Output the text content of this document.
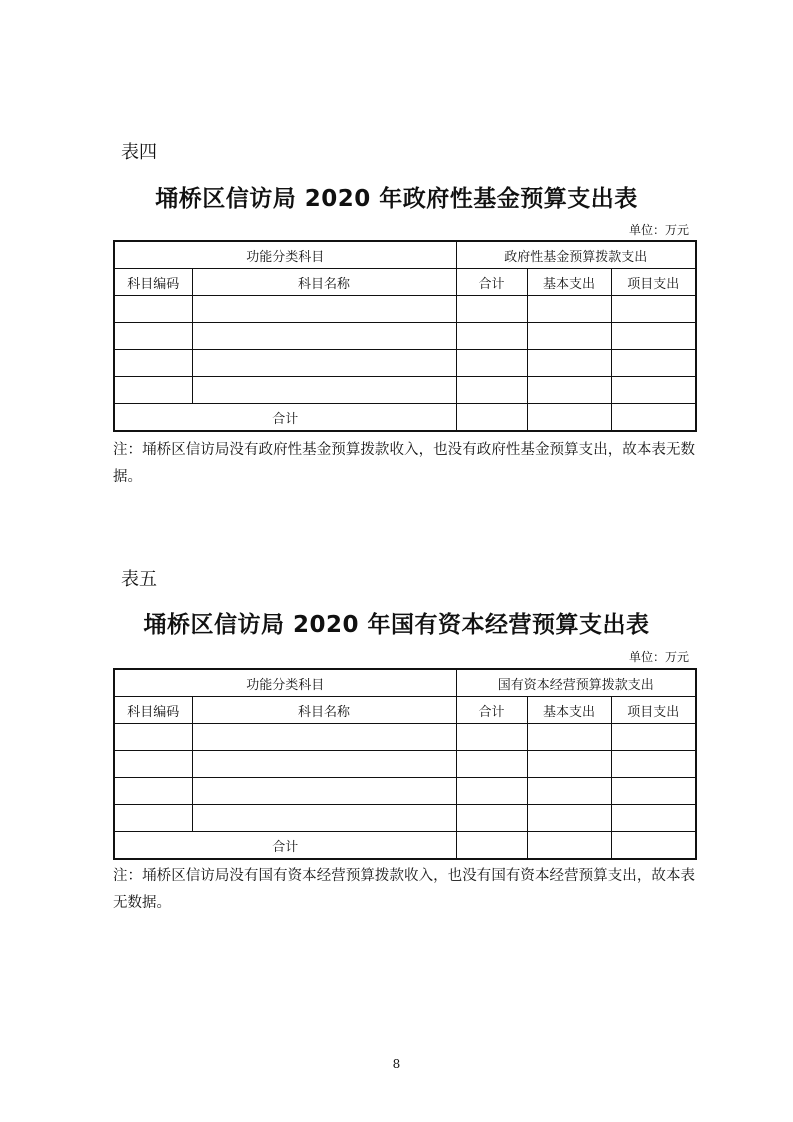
表四
埇桥区信访局 2020 年政府性基金预算支出表
单位：万元
功能分类科目		政府性基金预算拨款支出		
科目编码	科目名称	合计	基本支出	项目支出

合计				
注：埇桥区信访局没有政府性基金预算拨款收入，也没有政府性基金预算支出，故本表无数据。
表五
埇桥区信访局 2020 年国有资本经营预算支出表
单位：万元
功能分类科目		国有资本经营预算拨款支出		
科目编码	科目名称	合计	基本支出	项目支出

合计				
注：埇桥区信访局没有国有资本经营预算拨款收入，也没有国有资本经营预算支出，故本表无数据。
8
